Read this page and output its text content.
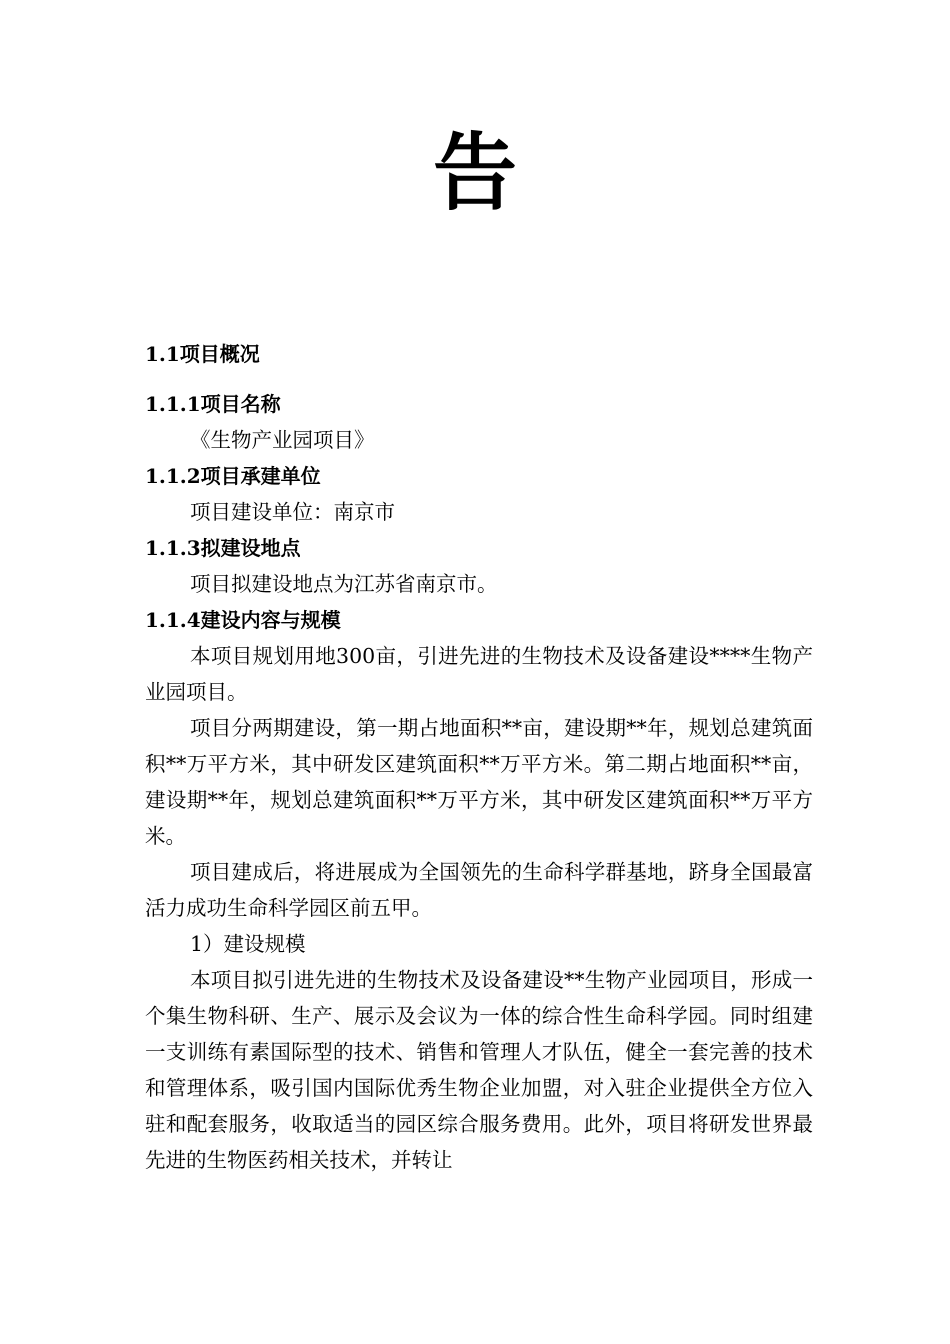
告
1.1项目概况
1.1.1项目名称
《生物产业园项目》
1.1.2项目承建单位
项目建设单位：南京市
1.1.3拟建设地点
项目拟建设地点为江苏省南京市。
1.1.4建设内容与规模
本项目规划用地300亩，引进先进的生物技术及设备建设****生物产业园项目。
项目分两期建设，第一期占地面积**亩，建设期**年，规划总建筑面积**万平方米，其中研发区建筑面积**万平方米。第二期占地面积**亩，建设期**年，规划总建筑面积**万平方米，其中研发区建筑面积**万平方米。
项目建成后，将进展成为全国领先的生命科学群基地，跻身全国最富活力成功生命科学园区前五甲。
1）建设规模
本项目拟引进先进的生物技术及设备建设**生物产业园项目，形成一个集生物科研、生产、展示及会议为一体的综合性生命科学园。同时组建一支训练有素国际型的技术、销售和管理人才队伍，健全一套完善的技术和管理体系，吸引国内国际优秀生物企业加盟，对入驻企业提供全方位入驻和配套服务，收取适当的园区综合服务费用。此外，项目将研发世界最先进的生物医药相关技术，并转让
